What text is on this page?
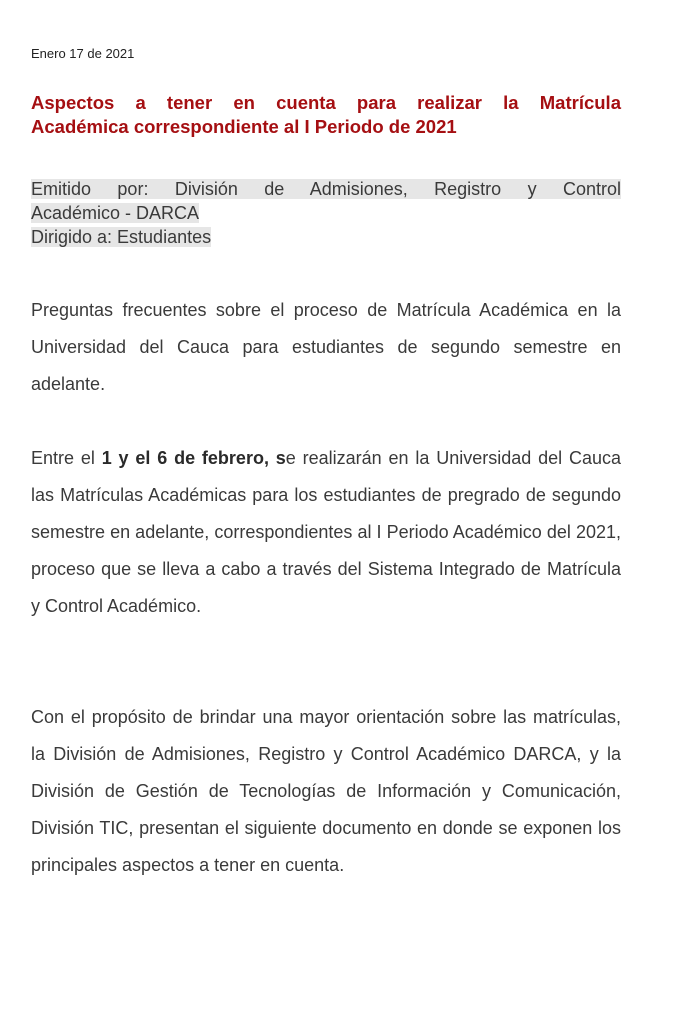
Enero 17 de 2021
Aspectos a tener en cuenta para realizar la Matrícula
Académica correspondiente al I Periodo de 2021
Emitido por: División de Admisiones, Registro y Control
Académico - DARCA
Dirigido a: Estudiantes

Preguntas frecuentes sobre el proceso de Matrícula Académica en la Universidad del Cauca para estudiantes de segundo semestre en adelante.

Entre el 1 y el 6 de febrero, se realizarán en la Universidad del Cauca las Matrículas Académicas para los estudiantes de pregrado de segundo semestre en adelante, correspondientes al I Periodo Académico del 2021, proceso que se lleva a cabo a través del Sistema Integrado de Matrícula y Control Académico.

Con el propósito de brindar una mayor orientación sobre las matrículas, la División de Admisiones, Registro y Control Académico DARCA, y la División de Gestión de Tecnologías de Información y Comunicación, División TIC, presentan el siguiente documento en donde se exponen los principales aspectos a tener en cuenta.
